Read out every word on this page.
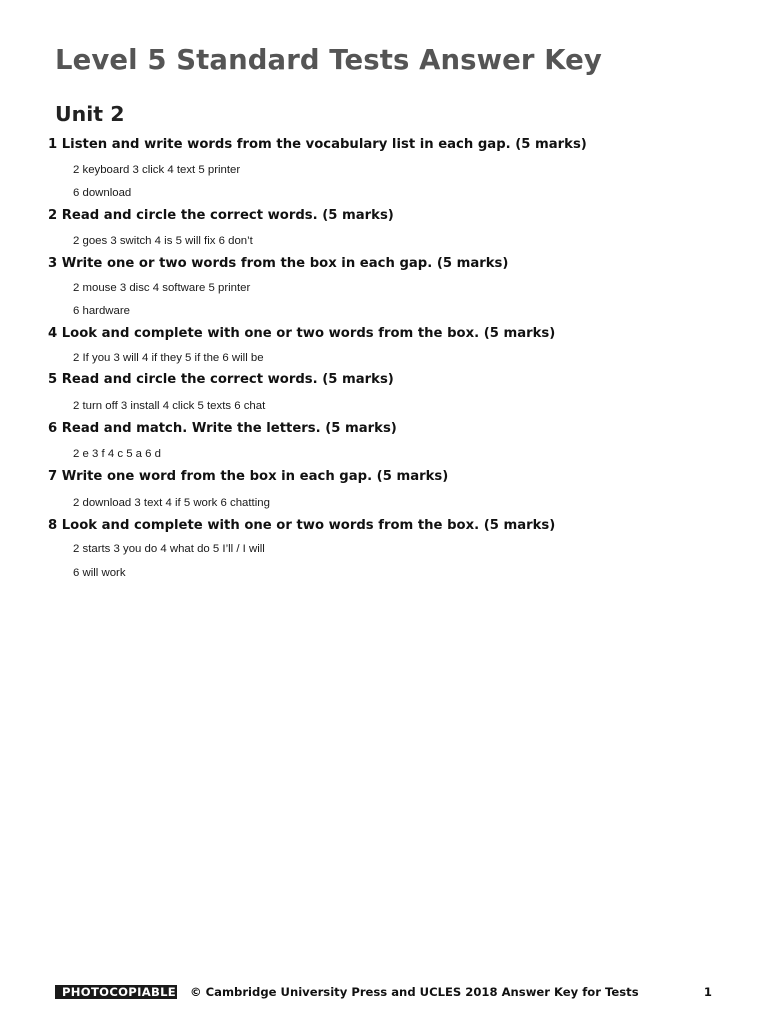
Level 5 Standard Tests Answer Key
Unit 2
1 Listen and write words from the vocabulary list in each gap. (5 marks)
2 keyboard 3 click 4 text 5 printer
6 download
2 Read and circle the correct words. (5 marks)
2 goes 3 switch 4 is 5 will fix 6 don’t
3 Write one or two words from the box in each gap. (5 marks)
2 mouse 3 disc 4 software 5 printer
6 hardware
4 Look and complete with one or two words from the box. (5 marks)
2 If you 3 will 4 if they 5 if the 6 will be
5 Read and circle the correct words. (5 marks)
2 turn off 3 install 4 click 5 texts 6 chat
6 Read and match. Write the letters. (5 marks)
2 e 3 f 4 c 5 a 6 d
7 Write one word from the box in each gap. (5 marks)
2 download 3 text 4 if 5 work 6 chatting
8 Look and complete with one or two words from the box. (5 marks)
2 starts 3 you do 4 what do 5 I’ll / I will
6 will work
PHOTOCOPIABLE © Cambridge University Press and UCLES 2018 Answer Key for Tests	1
